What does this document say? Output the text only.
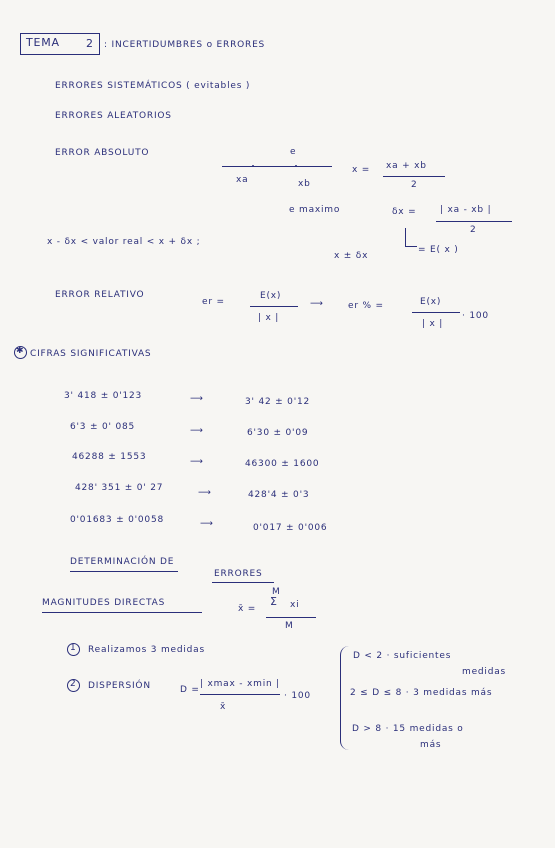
TEMA 2 : INCERTIDUMBRES o ERRORES
ERRORES SISTEMÁTICOS ( evitables )
ERRORES ALEATORIOS
ERROR ABSOLUTO	e
xa	xb
e maximo
x = xa + xb
2
δx =	| xa - xb |
2
= E( x )
x - δx < valor real < x + δx ;
x ± δx
ERROR RELATIVO
er =
E(x)
| x |
⟶	er % =	E(x)
| x |
· 100
✱ CIFRAS SIGNIFICATIVAS
3' 418 ± 0'123	⟶	3' 42 ± 0'12
6'3 ± 0' 085	⟶	6'30 ± 0'09
46288 ± 1553	⟶	46300 ± 1600
428' 351 ± 0' 27	⟶	428'4 ± 0'3
0'01683 ± 0'0058	⟶	0'017 ± 0'006
DETERMINACIÓN DE
ERRORES
MAGNITUDES DIRECTAS
x̄ =
M
Σ xi
M
1 Realizamos 3 medidas
2 DISPERSIÓN	D =
| xmax - xmin |
x̄
· 100
D < 2 · suficientes
medidas
2 ≤ D ≤ 8 · 3 medidas más
D > 8 · 15 medidas o
más
